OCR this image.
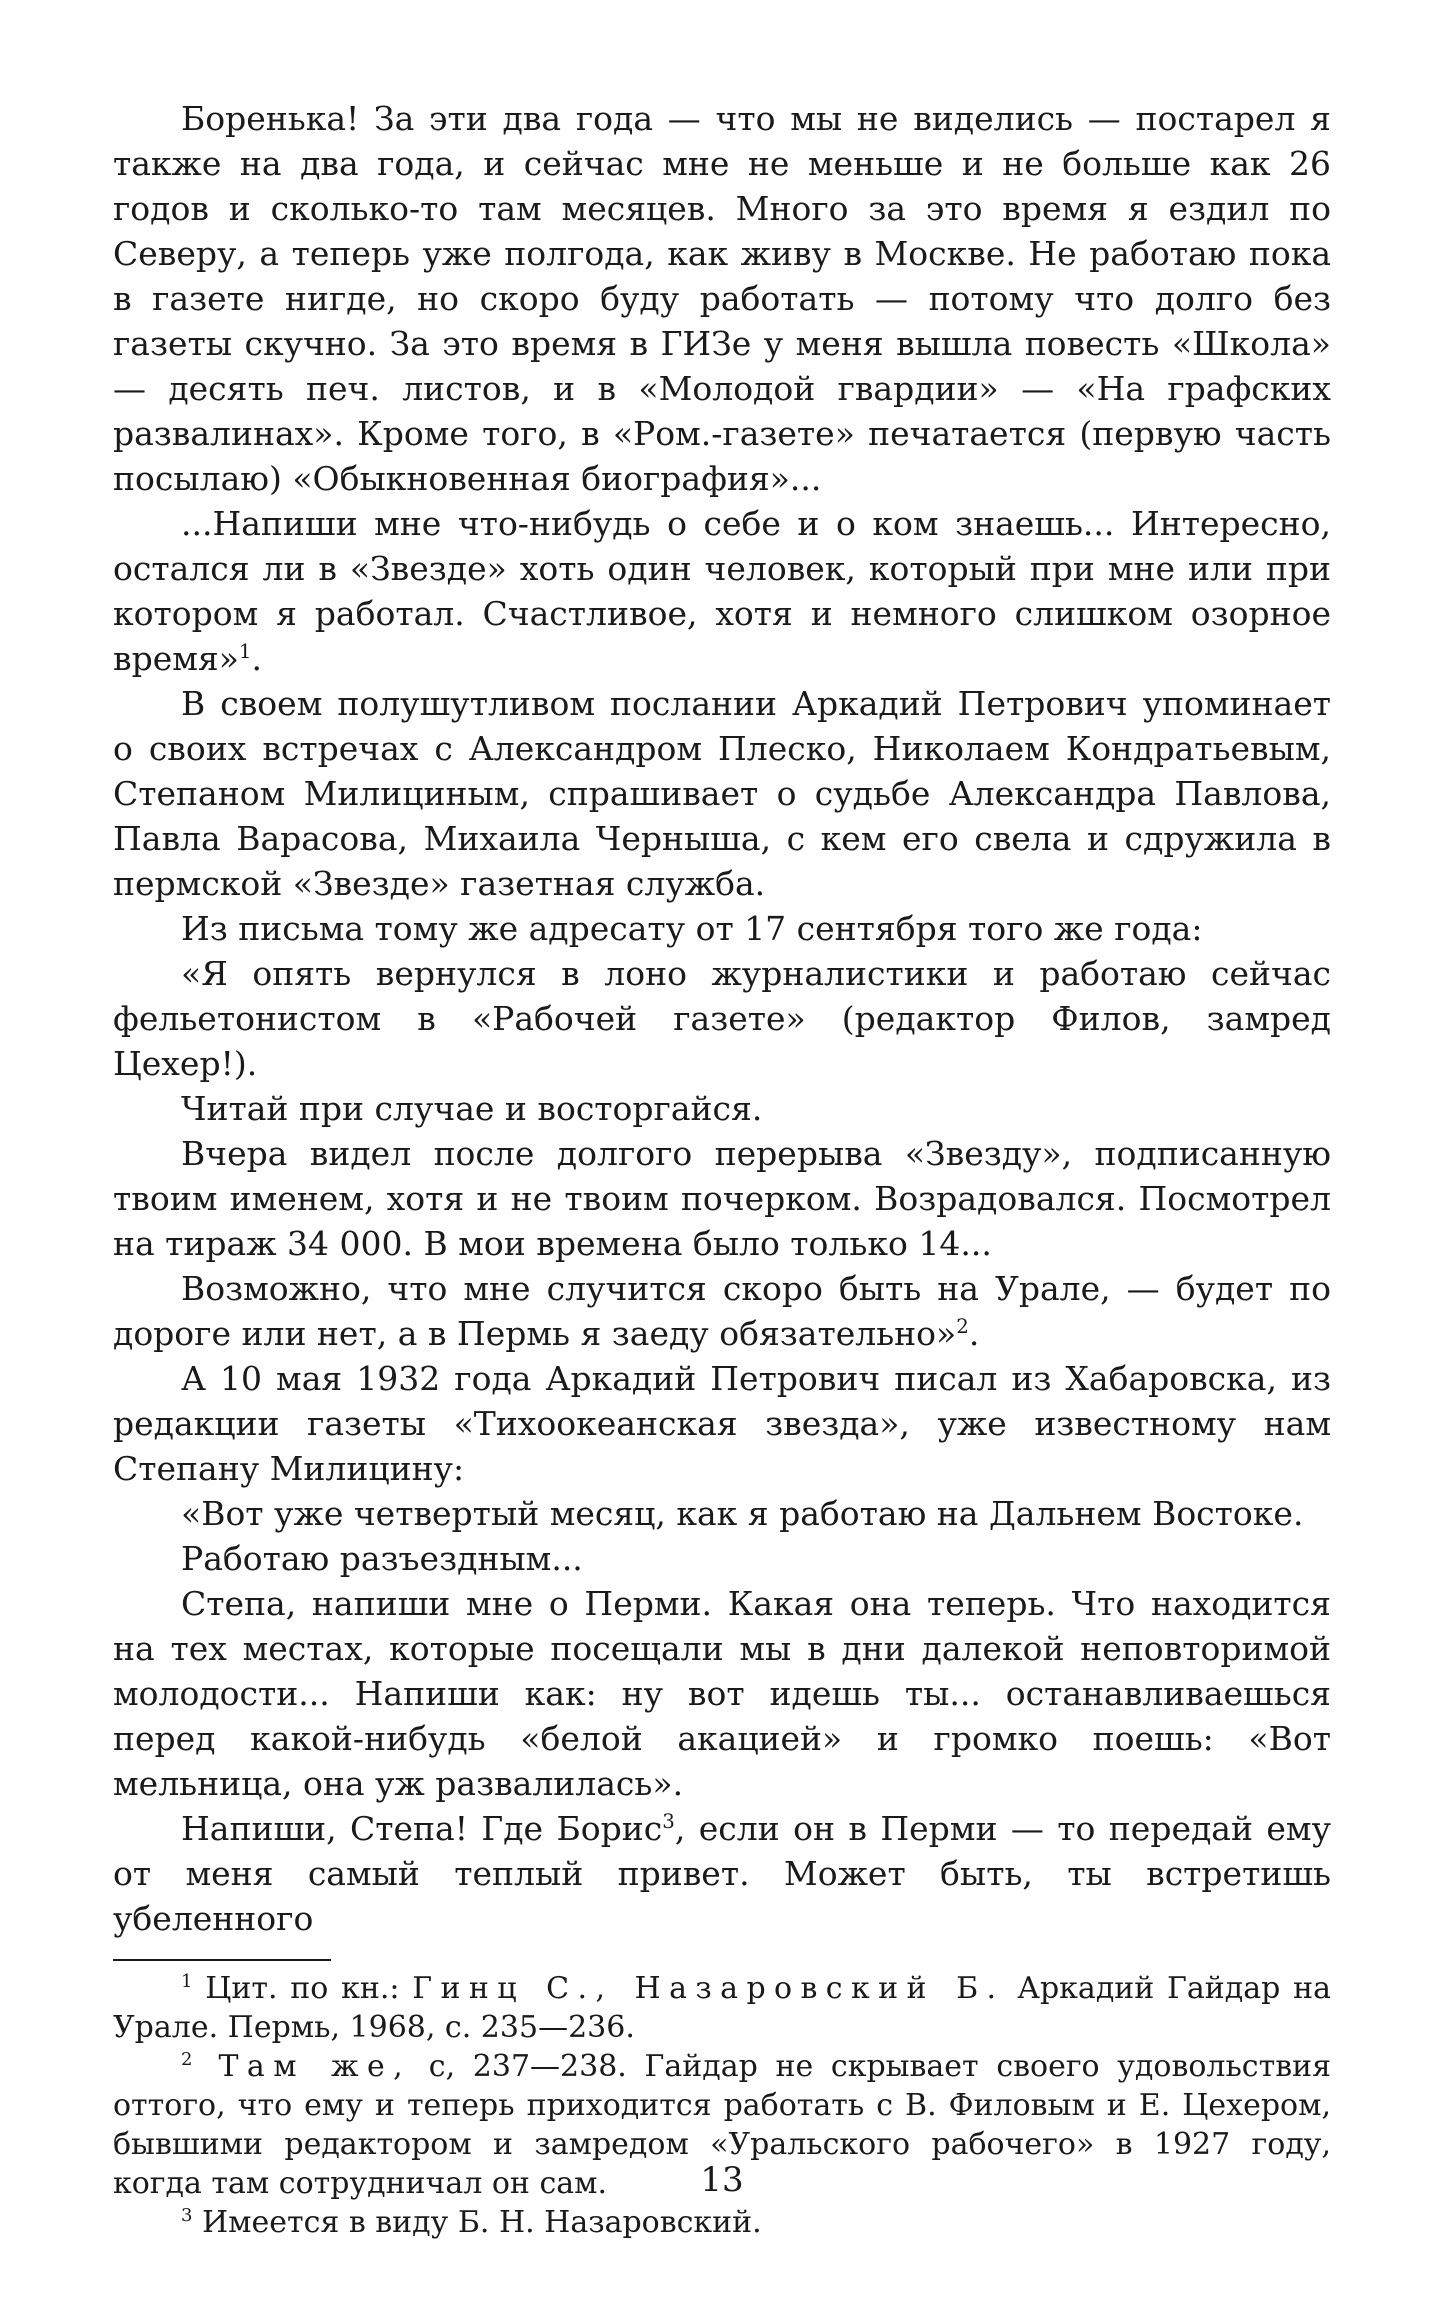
Боренька! За эти два года — что мы не виделись — постарел я также на два года, и сейчас мне не меньше и не больше как 26 годов и сколько-то там месяцев. Много за это время я ездил по Северу, а теперь уже полгода, как живу в Москве. Не работаю пока в газете нигде, но скоро буду работать — потому что долго без газеты скучно. За это время в ГИЗе у меня вышла повесть «Школа» — десять печ. листов, и в «Молодой гвардии» — «На графских развалинах». Кроме того, в «Ром.-газете» печатается (первую часть посылаю) «Обыкновенная биография»...

...Напиши мне что-нибудь о себе и о ком знаешь... Интересно, остался ли в «Звезде» хоть один человек, который при мне или при котором я работал. Счастливое, хотя и немного слишком озорное время»$^1$.

В своем полушутливом послании Аркадий Петрович упоминает о своих встречах с Александром Плеско, Николаем Кондратьевым, Степаном Милициным, спрашивает о судьбе Александра Павлова, Павла Варасова, Михаила Черныша, с кем его свела и сдружила в пермской «Звезде» газетная служба.

Из письма тому же адресату от 17 сентября того же года:

«Я опять вернулся в лоно журналистики и работаю сейчас фельетонистом в «Рабочей газете» (редактор Филов, замред Цехер!).

Читай при случае и восторгайся.

Вчера видел после долгого перерыва «Звезду», подписанную твоим именем, хотя и не твоим почерком. Возрадовался. Посмотрел на тираж 34 000. В мои времена было только 14...

Возможно, что мне случится скоро быть на Урале, — будет по дороге или нет, а в Пермь я заеду обязательно»$^2$.

А 10 мая 1932 года Аркадий Петрович писал из Хабаровска, из редакции газеты «Тихоокеанская звезда», уже известному нам Степану Милицину:

«Вот уже четвертый месяц, как я работаю на Дальнем Востоке.

Работаю разъездным...

Степа, напиши мне о Перми. Какая она теперь. Что находится на тех местах, которые посещали мы в дни далекой неповторимой молодости... Напиши как: ну вот идешь ты... останавливаешься перед какой-нибудь «белой акацией» и громко поешь: «Вот мельница, она уж развалилась».

Напиши, Степа! Где Борис$^3$, если он в Перми — то передай ему от меня самый теплый привет. Может быть, ты встретишь убеленного

$^1$ Цит. по кн.: Гинц С., Назаровский Б. Аркадий Гайдар на Урале. Пермь, 1968, с. 235—236.

$^2$ Там же, с, 237—238. Гайдар не скрывает своего удовольствия оттого, что ему и теперь приходится работать с В. Филовым и Е. Цехером, бывшими редактором и замредом «Уральского рабочего» в 1927 году, когда там сотрудничал он сам.

$^3$ Имеется в виду Б. Н. Назаровский.

13
